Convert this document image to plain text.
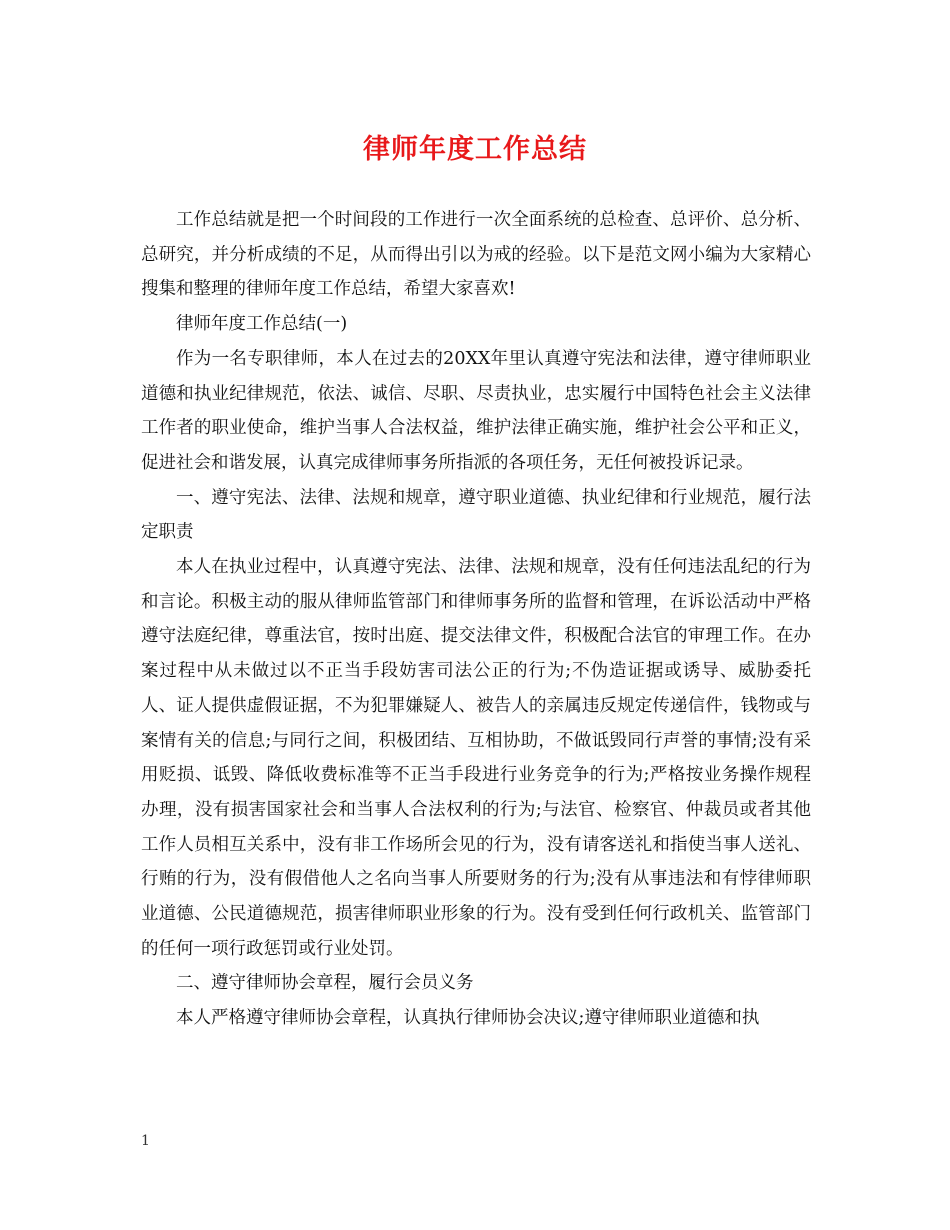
律师年度工作总结

工作总结就是把一个时间段的工作进行一次全面系统的总检查、总评价、总分析、总研究，并分析成绩的不足，从而得出引以为戒的经验。以下是范文网小编为大家精心搜集和整理的律师年度工作总结，希望大家喜欢!

律师年度工作总结(一)

作为一名专职律师，本人在过去的20XX年里认真遵守宪法和法律，遵守律师职业道德和执业纪律规范，依法、诚信、尽职、尽责执业，忠实履行中国特色社会主义法律工作者的职业使命，维护当事人合法权益，维护法律正确实施，维护社会公平和正义，促进社会和谐发展，认真完成律师事务所指派的各项任务，无任何被投诉记录。

一、遵守宪法、法律、法规和规章，遵守职业道德、执业纪律和行业规范，履行法定职责

本人在执业过程中，认真遵守宪法、法律、法规和规章，没有任何违法乱纪的行为和言论。积极主动的服从律师监管部门和律师事务所的监督和管理，在诉讼活动中严格遵守法庭纪律，尊重法官，按时出庭、提交法律文件，积极配合法官的审理工作。在办案过程中从未做过以不正当手段妨害司法公正的行为;不伪造证据或诱导、威胁委托人、证人提供虚假证据，不为犯罪嫌疑人、被告人的亲属违反规定传递信件，钱物或与案情有关的信息;与同行之间，积极团结、互相协助，不做诋毁同行声誉的事情;没有采用贬损、诋毁、降低收费标准等不正当手段进行业务竞争的行为;严格按业务操作规程办理，没有损害国家社会和当事人合法权利的行为;与法官、检察官、仲裁员或者其他工作人员相互关系中，没有非工作场所会见的行为，没有请客送礼和指使当事人送礼、行贿的行为，没有假借他人之名向当事人所要财务的行为;没有从事违法和有悖律师职业道德、公民道德规范，损害律师职业形象的行为。没有受到任何行政机关、监管部门的任何一项行政惩罚或行业处罚。

二、遵守律师协会章程，履行会员义务

本人严格遵守律师协会章程，认真执行律师协会决议;遵守律师职业道德和执

1
